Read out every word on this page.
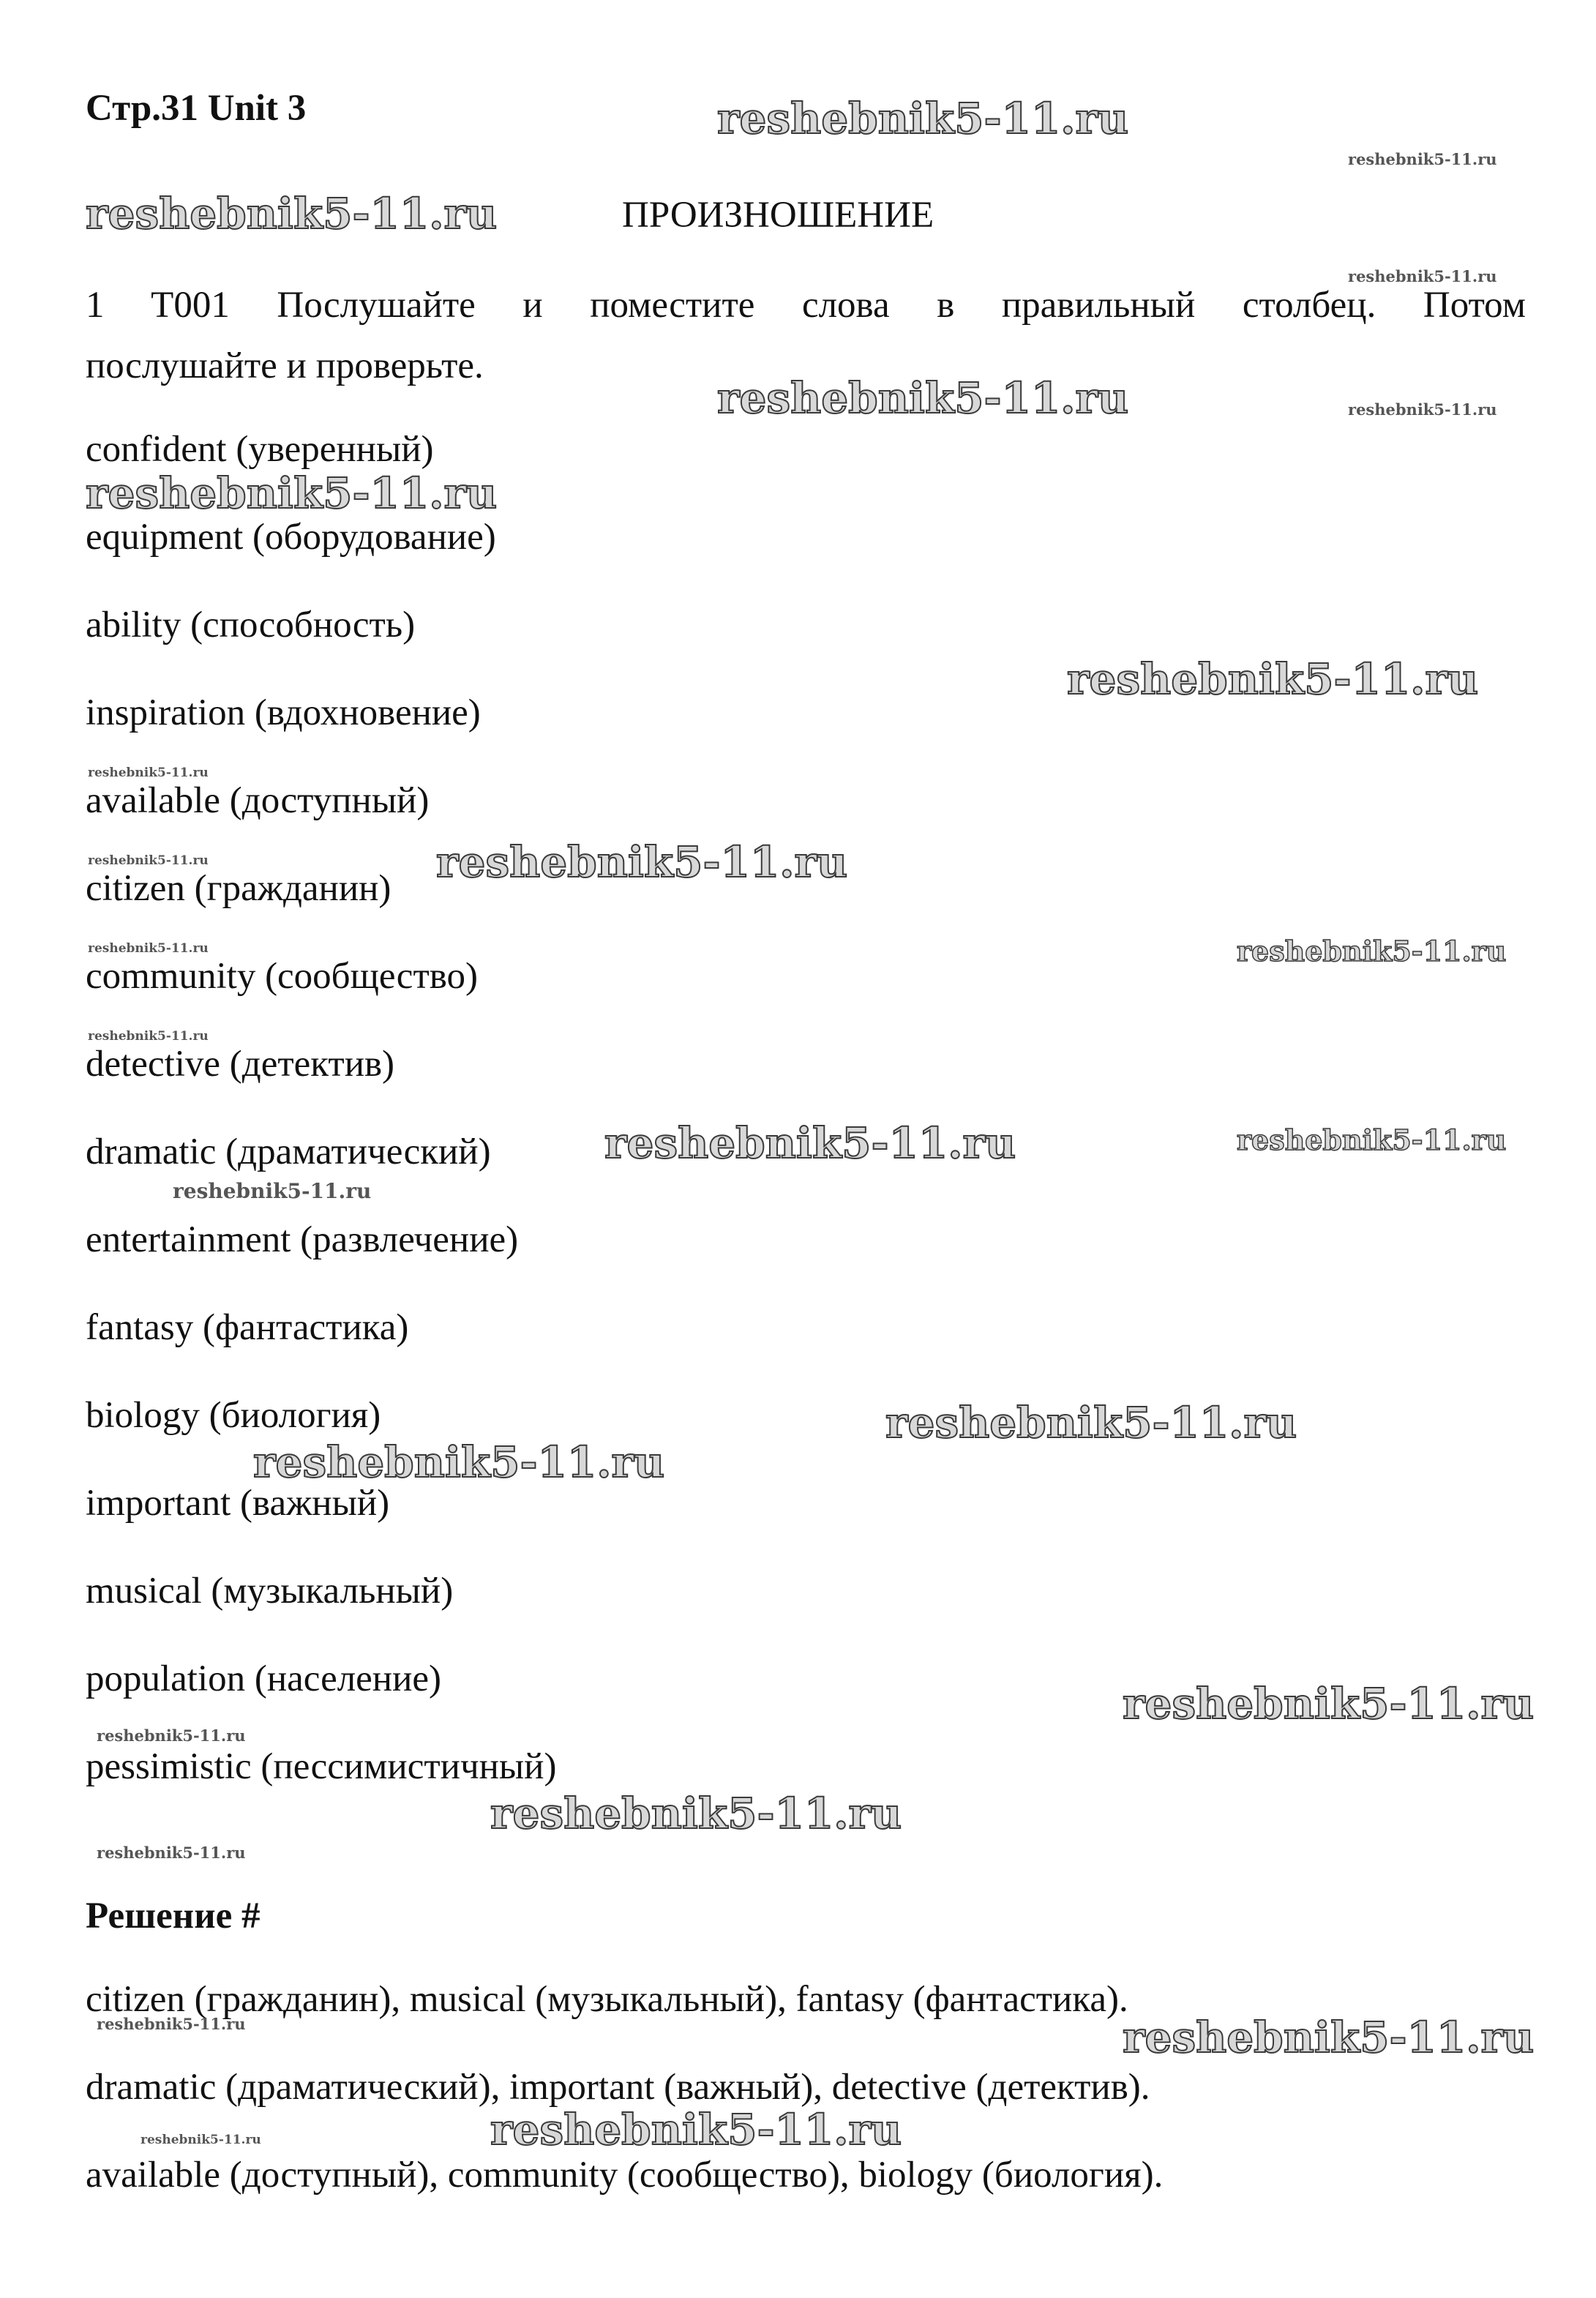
Стр.31 Unit 3
ПРОИЗНОШЕНИЕ
1 T001 Послушайте и поместите слова в правильный столбец. Потом
послушайте и проверьте.
confident (уверенный)
equipment (оборудование)
ability (способность)
inspiration (вдохновение)
available (доступный)
citizen (гражданин)
community (сообщество)
detective (детектив)
dramatic (драматический)
entertainment (развлечение)
fantasy (фантастика)
biology (биология)
important (важный)
musical (музыкальный)
population (население)
pessimistic (пессимистичный)
Решение #
citizen (гражданин), musical (музыкальный), fantasy (фантастика).
dramatic (драматический), important (важный), detective (детектив).
available (доступный), community (сообщество), biology (биология).
reshebnik5-11.ru
reshebnik5-11.ru
reshebnik5-11.ru
reshebnik5-11.ru
reshebnik5-11.ru
reshebnik5-11.ru
reshebnik5-11.ru
reshebnik5-11.ru
reshebnik5-11.ru
reshebnik5-11.ru
reshebnik5-11.ru
reshebnik5-11.ru
reshebnik5-11.ru
reshebnik5-11.ru
reshebnik5-11.ru
reshebnik5-11.ru
reshebnik5-11.ru
reshebnik5-11.ru
reshebnik5-11.ru
reshebnik5-11.ru
reshebnik5-11.ru
reshebnik5-11.ru
reshebnik5-11.ru
reshebnik5-11.ru
reshebnik5-11.ru
reshebnik5-11.ru
reshebnik5-11.ru
